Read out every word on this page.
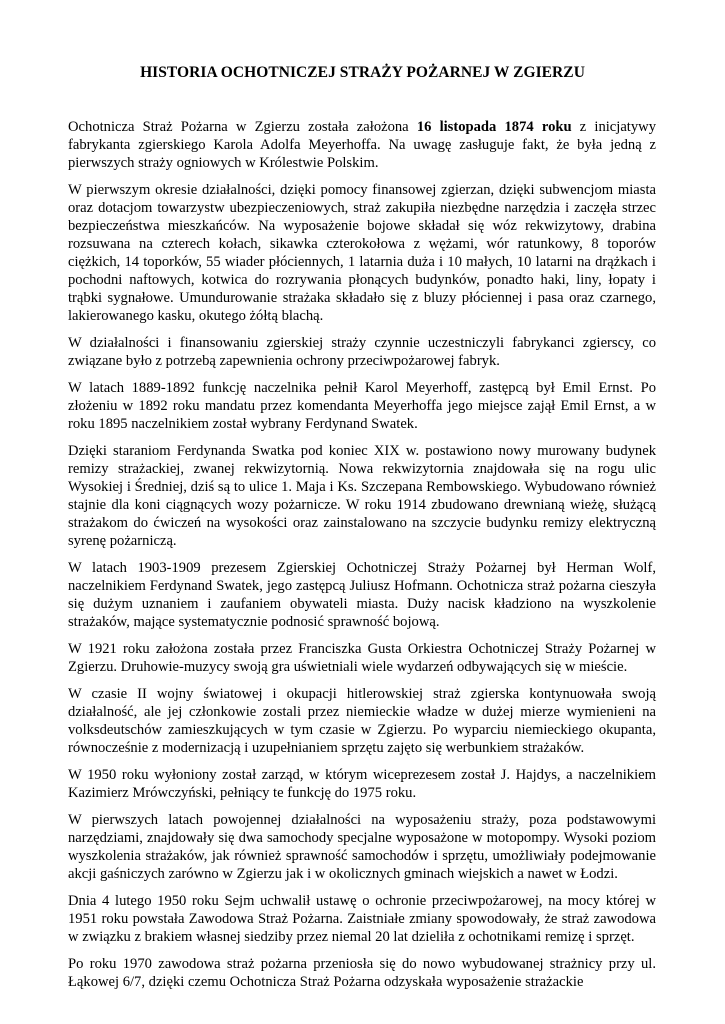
HISTORIA OCHOTNICZEJ STRAŻY POŻARNEJ W ZGIERZU

Ochotnicza Straż Pożarna w Zgierzu została założona 16 listopada 1874 roku z inicjatywy fabrykanta zgierskiego Karola Adolfa Meyerhoffa. Na uwagę zasługuje fakt, że była jedną z pierwszych straży ogniowych w Królestwie Polskim.

W pierwszym okresie działalności, dzięki pomocy finansowej zgierzan, dzięki subwencjom miasta oraz dotacjom towarzystw ubezpieczeniowych, straż zakupiła niezbędne narzędzia i zaczęła strzec bezpieczeństwa mieszkańców. Na wyposażenie bojowe składał się wóz rekwizytowy, drabina rozsuwana na czterech kołach, sikawka czterokołowa z wężami, wór ratunkowy, 8 toporów ciężkich, 14 toporków, 55 wiader płóciennych, 1 latarnia duża i 10 małych, 10 latarni na drążkach i pochodni naftowych, kotwica do rozrywania płonących budynków, ponadto haki, liny, łopaty i trąbki sygnałowe. Umundurowanie strażaka składało się z bluzy płóciennej i pasa oraz czarnego, lakierowanego kasku, okutego żółtą blachą.

W działalności i finansowaniu zgierskiej straży czynnie uczestniczyli fabrykanci zgierscy, co związane było z potrzebą zapewnienia ochrony przeciwpożarowej fabryk.

W latach 1889-1892 funkcję naczelnika pełnił Karol Meyerhoff, zastępcą był Emil Ernst. Po złożeniu w 1892 roku mandatu przez komendanta Meyerhoffa jego miejsce zajął Emil Ernst, a w roku 1895 naczelnikiem został wybrany Ferdynand Swatek.

Dzięki staraniom Ferdynanda Swatka pod koniec XIX w. postawiono nowy murowany budynek remizy strażackiej, zwanej rekwizytornią. Nowa rekwizytornia znajdowała się na rogu ulic Wysokiej i Średniej, dziś są to ulice 1. Maja i Ks. Szczepana Rembowskiego. Wybudowano również stajnie dla koni ciągnących wozy pożarnicze. W roku 1914 zbudowano drewnianą wieżę, służącą strażakom do ćwiczeń na wysokości oraz zainstalowano na szczycie budynku remizy elektryczną syrenę pożarniczą.

W latach 1903-1909 prezesem Zgierskiej Ochotniczej Straży Pożarnej był Herman Wolf, naczelnikiem Ferdynand Swatek, jego zastępcą Juliusz Hofmann. Ochotnicza straż pożarna cieszyła się dużym uznaniem i zaufaniem obywateli miasta. Duży nacisk kładziono na wyszkolenie strażaków, mające systematycznie podnosić sprawność bojową.

W 1921 roku założona została przez Franciszka Gusta Orkiestra Ochotniczej Straży Pożarnej w Zgierzu. Druhowie-muzycy swoją gra uświetniali wiele wydarzeń odbywających się w mieście.

W czasie II wojny światowej i okupacji hitlerowskiej straż zgierska kontynuowała swoją działalność, ale jej członkowie zostali przez niemieckie władze w dużej mierze wymienieni na volksdeutschów zamieszkujących w tym czasie w Zgierzu. Po wyparciu niemieckiego okupanta, równocześnie z modernizacją i uzupełnianiem sprzętu zajęto się werbunkiem strażaków.

W 1950 roku wyłoniony został zarząd, w którym wiceprezesem został J. Hajdys, a naczelnikiem Kazimierz Mrówczyński, pełniący te funkcję do 1975 roku.

W pierwszych latach powojennej działalności na wyposażeniu straży, poza podstawowymi narzędziami, znajdowały się dwa samochody specjalne wyposażone w motopompy. Wysoki poziom wyszkolenia strażaków, jak również sprawność samochodów i sprzętu, umożliwiały podejmowanie akcji gaśniczych zarówno w Zgierzu jak i w okolicznych gminach wiejskich a nawet w Łodzi.

Dnia 4 lutego 1950 roku Sejm uchwalił ustawę o ochronie przeciwpożarowej, na mocy której w 1951 roku powstała Zawodowa Straż Pożarna. Zaistniałe zmiany spowodowały, że straż zawodowa w związku z brakiem własnej siedziby przez niemal 20 lat dzieliła z ochotnikami remizę i sprzęt.

Po roku 1970 zawodowa straż pożarna przeniosła się do nowo wybudowanej strażnicy przy ul. Łąkowej 6/7, dzięki czemu Ochotnicza Straż Pożarna odzyskała wyposażenie strażackie
